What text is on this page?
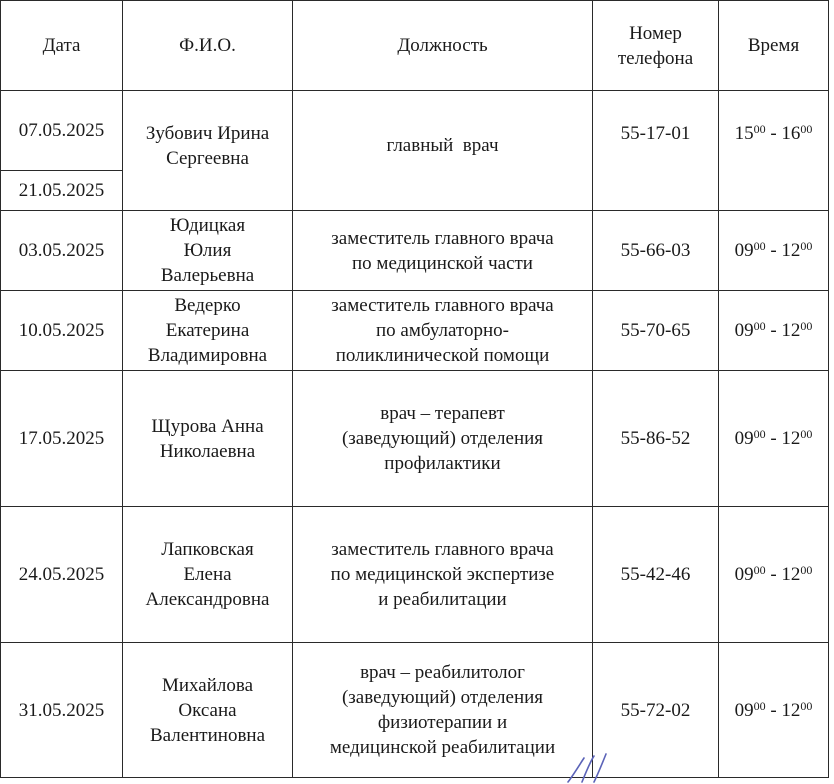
Дата	Ф.И.О.	Должность	Номер
телефона	Время
07.05.2025	Зубович Ирина
Сергеевна	главный  врач	55-17-01	$15^{00} - 16^{00}$
21.05.2025				
03.05.2025	Юдицкая
Юлия
Валерьевна	заместитель главного врача
по медицинской части	55-66-03	$09^{00} - 12^{00}$
10.05.2025	Ведерко
Екатерина
Владимировна	заместитель главного врача
по амбулаторно-
поликлинической помощи	55-70-65	$09^{00} - 12^{00}$
17.05.2025	Щурова Анна
Николаевна	врач – терапевт
(заведующий) отделения
профилактики	55-86-52	$09^{00} - 12^{00}$
24.05.2025	Лапковская
Елена
Александровна	заместитель главного врача
по медицинской экспертизе
и реабилитации	55-42-46	$09^{00} - 12^{00}$
31.05.2025	Михайлова
Оксана
Валентиновна	врач – реабилитолог
(заведующий) отделения
физиотерапии и
медицинской реабилитации	55-72-02	$09^{00} - 12^{00}$
